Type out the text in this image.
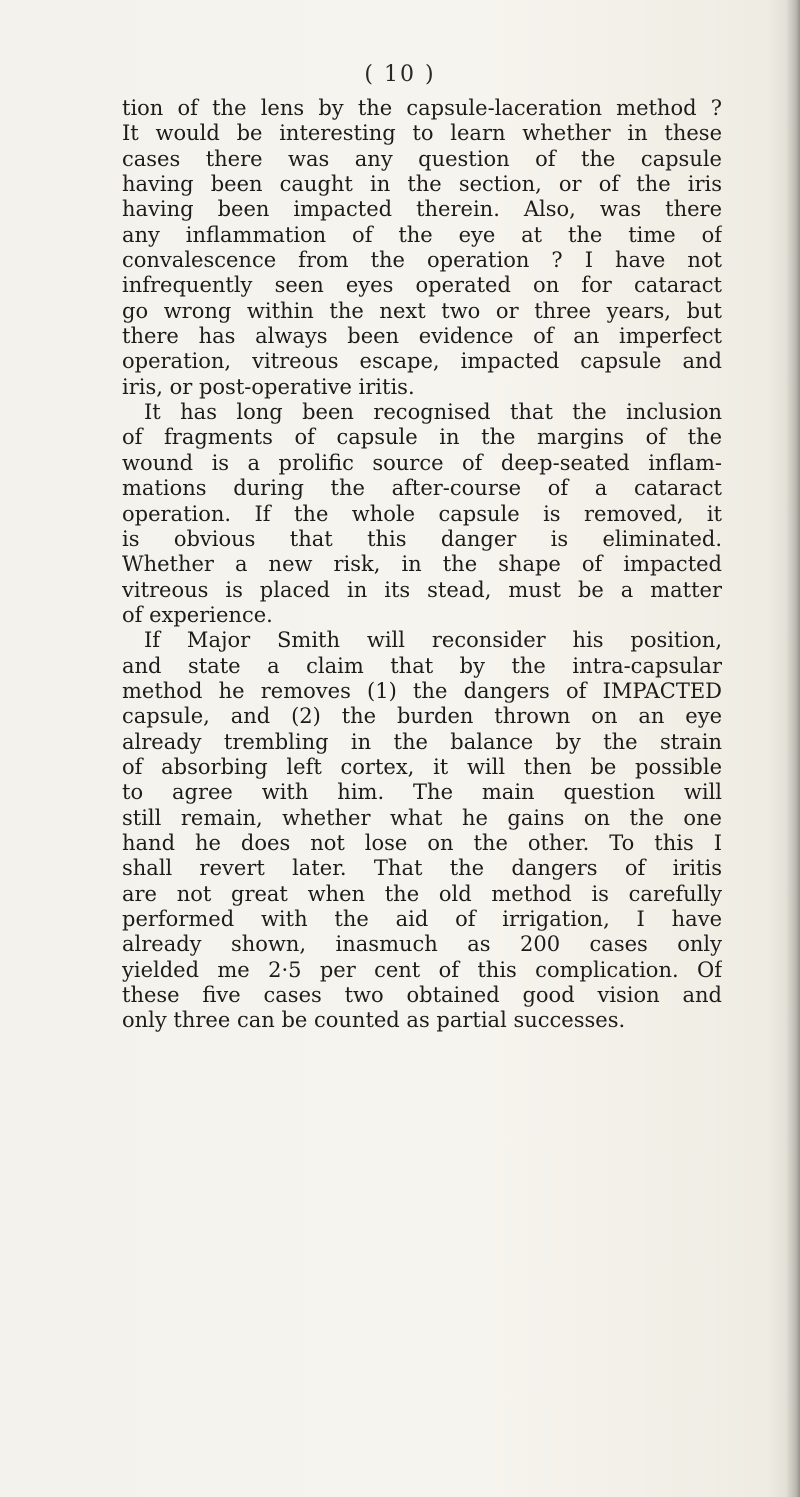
( 10 )
tion of the lens by the capsule-laceration method ?
It would be interesting to learn whether in these
cases there was any question of the capsule
having been caught in the section, or of the iris
having been impacted therein. Also, was there
any inflammation of the eye at the time of
convalescence from the operation ? I have not
infrequently seen eyes operated on for cataract
go wrong within the next two or three years, but
there has always been evidence of an imperfect
operation, vitreous escape, impacted capsule and
iris, or post-operative iritis.
It has long been recognised that the inclusion
of fragments of capsule in the margins of the
wound is a prolific source of deep-seated inflam-
mations during the after-course of a cataract
operation. If the whole capsule is removed, it
is obvious that this danger is eliminated.
Whether a new risk, in the shape of impacted
vitreous is placed in its stead, must be a matter
of experience.
If Major Smith will reconsider his position,
and state a claim that by the intra-capsular
method he removes (1) the dangers of IMPACTED
capsule, and (2) the burden thrown on an eye
already trembling in the balance by the strain
of absorbing left cortex, it will then be possible
to agree with him. The main question will
still remain, whether what he gains on the one
hand he does not lose on the other. To this I
shall revert later. That the dangers of iritis
are not great when the old method is carefully
performed with the aid of irrigation, I have
already shown, inasmuch as 200 cases only
yielded me 2·5 per cent of this complication. Of
these five cases two obtained good vision and
only three can be counted as partial successes.
